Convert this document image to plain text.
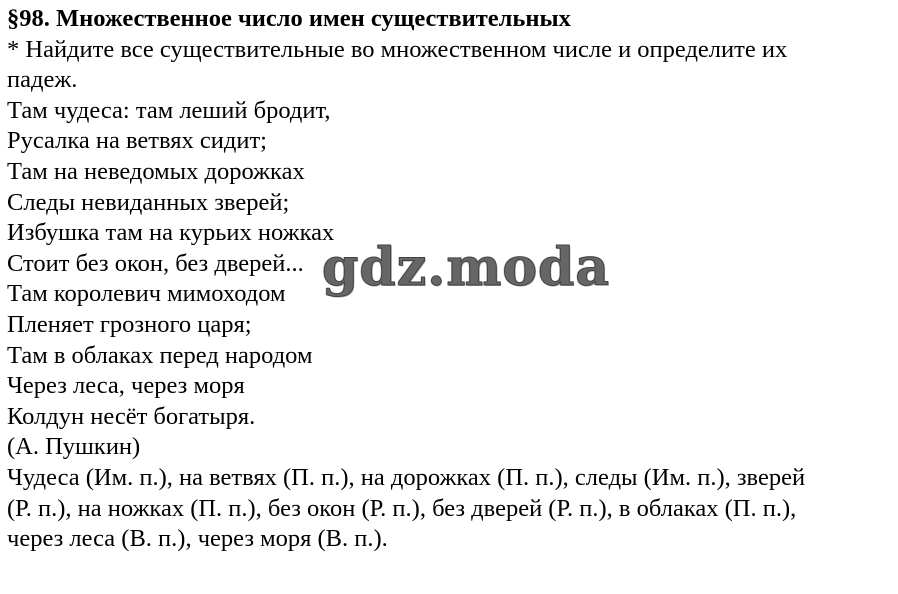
§98. Множественное число имен существительных
* Найдите все существительные во множественном числе и определите их
падеж.
Там чудеса: там леший бродит,
Русалка на ветвях сидит;
Там на неведомых дорожках
Следы невиданных зверей;
Избушка там на курьих ножках
Стоит без окон, без дверей...
Там королевич мимоходом
Пленяет грозного царя;
Там в облаках перед народом
Через леса, через моря
Колдун несёт богатыря.
(А. Пушкин)
Чудеса (Им. п.), на ветвях (П. п.), на дорожках (П. п.), следы (Им. п.), зверей
(Р. п.), на ножках (П. п.), без окон (Р. п.), без дверей (Р. п.), в облаках (П. п.),
через леса (В. п.), через моря (В. п.).
gdz.moda
